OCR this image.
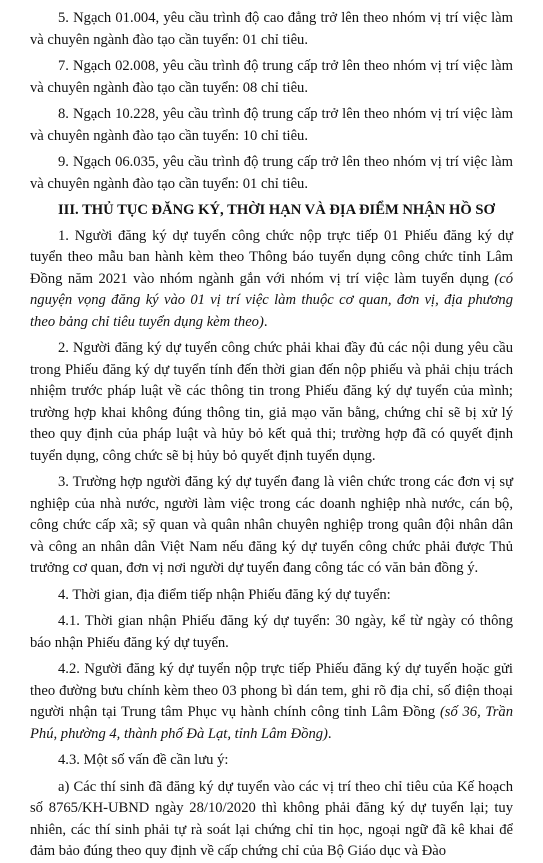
5. Ngạch 01.004, yêu cầu trình độ cao đẳng trở lên theo nhóm vị trí việc làm và chuyên ngành đào tạo cần tuyển: 01 chỉ tiêu.

7. Ngạch 02.008, yêu cầu trình độ trung cấp trở lên theo nhóm vị trí việc làm và chuyên ngành đào tạo cần tuyển: 08 chỉ tiêu.

8. Ngạch 10.228, yêu cầu trình độ trung cấp trở lên theo nhóm vị trí việc làm và chuyên ngành đào tạo cần tuyển: 10 chỉ tiêu.

9. Ngạch 06.035, yêu cầu trình độ trung cấp trở lên theo nhóm vị trí việc làm và chuyên ngành đào tạo cần tuyển: 01 chỉ tiêu.

III. THỦ TỤC ĐĂNG KÝ, THỜI HẠN VÀ ĐỊA ĐIỂM NHẬN HỒ SƠ

1. Người đăng ký dự tuyển công chức nộp trực tiếp 01 Phiếu đăng ký dự tuyển theo mẫu ban hành kèm theo Thông báo tuyển dụng công chức tỉnh Lâm Đồng năm 2021 vào nhóm ngành gắn với nhóm vị trí việc làm tuyển dụng (có nguyện vọng đăng ký vào 01 vị trí việc làm thuộc cơ quan, đơn vị, địa phương theo bảng chỉ tiêu tuyển dụng kèm theo).

2. Người đăng ký dự tuyển công chức phải khai đầy đủ các nội dung yêu cầu trong Phiếu đăng ký dự tuyển tính đến thời gian đến nộp phiếu và phải chịu trách nhiệm trước pháp luật về các thông tin trong Phiếu đăng ký dự tuyển của mình; trường hợp khai không đúng thông tin, giả mạo văn bằng, chứng chỉ sẽ bị xử lý theo quy định của pháp luật và hủy bỏ kết quả thi; trường hợp đã có quyết định tuyển dụng, công chức sẽ bị hủy bỏ quyết định tuyển dụng.

3. Trường hợp người đăng ký dự tuyển đang là viên chức trong các đơn vị sự nghiệp của nhà nước, người làm việc trong các doanh nghiệp nhà nước, cán bộ, công chức cấp xã; sỹ quan và quân nhân chuyên nghiệp trong quân đội nhân dân và công an nhân dân Việt Nam nếu đăng ký dự tuyển công chức phải được Thủ trưởng cơ quan, đơn vị nơi người dự tuyển đang công tác có văn bản đồng ý.

4. Thời gian, địa điểm tiếp nhận Phiếu đăng ký dự tuyển:

4.1. Thời gian nhận Phiếu đăng ký dự tuyển: 30 ngày, kể từ ngày có thông báo nhận Phiếu đăng ký dự tuyển.

4.2. Người đăng ký dự tuyển nộp trực tiếp Phiếu đăng ký dự tuyển hoặc gửi theo đường bưu chính kèm theo 03 phong bì dán tem, ghi rõ địa chỉ, số điện thoại người nhận tại Trung tâm Phục vụ hành chính công tỉnh Lâm Đồng (số 36, Trần Phú, phường 4, thành phố Đà Lạt, tỉnh Lâm Đồng).

4.3. Một số vấn đề cần lưu ý:

a) Các thí sinh đã đăng ký dự tuyển vào các vị trí theo chỉ tiêu của Kế hoạch số 8765/KH-UBND ngày 28/10/2020 thì không phải đăng ký dự tuyển lại; tuy nhiên, các thí sinh phải tự rà soát lại chứng chỉ tin học, ngoại ngữ đã kê khai để đảm bảo đúng theo quy định về cấp chứng chỉ của Bộ Giáo dục và Đào
